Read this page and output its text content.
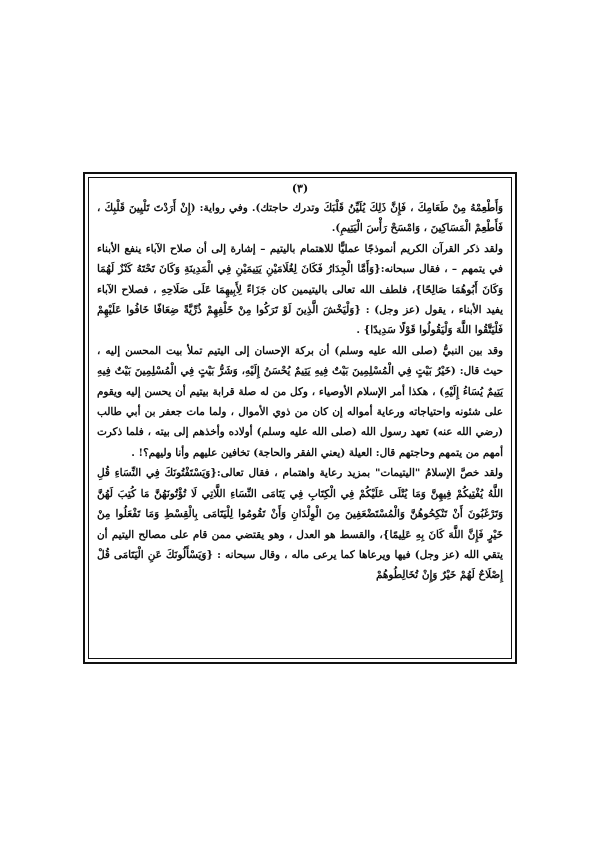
(٣)

وَأَطْعِمْهُ مِنْ طَعَامِكَ ، فَإِنَّ ذَلِكَ يُلَيِّنُ قَلْبَكَ وتدرك حاجتك). وفي رواية: (إِنْ أَرَدْتَ تَلْيِينَ قَلْبِكَ ، فَأَطْعِمْ الْمَسَاكِينَ ، وَامْسَحْ رَأْسَ الْيَتِيمِ).

ولقد ذكر القرآن الكريم أنموذجًا عمليًّا للاهتمام باليتيم – إشارة إلى أن صلاح الآباء ينفع الأبناء في يتمهم – ، فقال سبحانه:{وَأَمَّا الْجِدَارُ فَكَانَ لِغُلَامَيْنِ يَتِيمَيْنِ فِي الْمَدِينَةِ وَكَانَ تَحْتَهُ كَنْزٌ لَهُمَا وَكَانَ أَبُوهُمَا صَالِحًا}، فلطف الله تعالى باليتيمين كان جَزَاءً لِأَبِيهِمَا عَلَى صَلَاحِهِ ، فصلاح الآباء يفيد الأبناء ، يقول (عز وجل) : {وَلْيَخْشَ الَّذِينَ لَوْ تَرَكُوا مِنْ خَلْفِهِمْ ذُرِّيَّةً ضِعَافًا خَافُوا عَلَيْهِمْ فَلْيَتَّقُوا اللَّهَ وَلْيَقُولُوا قَوْلًا سَدِيدًا} .

وقد بين النبيُّ (صلى الله عليه وسلم) أن بركة الإحسان إلى اليتيم تملأ بيت المحسن إليه ، حيث قال: (خَيْرُ بَيْتٍ فِي الْمُسْلِمِينَ بَيْتٌ فِيهِ يَتِيمٌ يُحْسَنُ إِلَيْهِ، وَشَرُّ بَيْتٍ فِي الْمُسْلِمِينَ بَيْتٌ فِيهِ يَتِيمٌ يُسَاءُ إِلَيْهِ) ، هكذا أمر الإسلام الأوصياء ، وكل من له صلة قرابة بيتيم أن يحسن إليه ويقوم على شئونه واحتياجاته ورعاية أمواله إن كان من ذوي الأموال ، ولما مات جعفر بن أبي طالب (رضي الله عنه) تعهد رسول الله (صلى الله عليه وسلم) أولاده وأخذهم إلى بيته ، فلما ذكرت أمهم من يتمهم وحاجتهم قال: العيلة (يعني الفقر والحاجة) تخافين عليهم وأنا وليهم؟! .

ولقد خصَّ الإسلامُ "اليتيمات" بمزيد رعاية واهتمام ، فقال تعالى:{وَيَسْتَفْتُونَكَ فِي النِّسَاءِ قُلِ اللَّهُ يُفْتِيكُمْ فِيهِنَّ وَمَا يُتْلَى عَلَيْكُمْ فِي الْكِتَابِ فِي يَتَامَى النِّسَاءِ اللَّاتِي لَا تُؤْتُونَهُنَّ مَا كُتِبَ لَهُنَّ وَتَرْغَبُونَ أَنْ تَنْكِحُوهُنَّ وَالْمُسْتَضْعَفِينَ مِنَ الْوِلْدَانِ وَأَنْ تَقُومُوا لِلْيَتَامَى بِالْقِسْطِ وَمَا تَفْعَلُوا مِنْ خَيْرٍ فَإِنَّ اللَّهَ كَانَ بِهِ عَلِيمًا}، والقسط هو العدل ، وهو يقتضي ممن قام على مصالح اليتيم أن يتقي الله (عز وجل) فيها ويرعاها كما يرعى ماله ، وقال سبحانه : {وَيَسْأَلُونَكَ عَنِ الْيَتَامَى قُلْ إِصْلَاحٌ لَهُمْ خَيْرٌ وَإِنْ تُخَالِطُوهُمْ
